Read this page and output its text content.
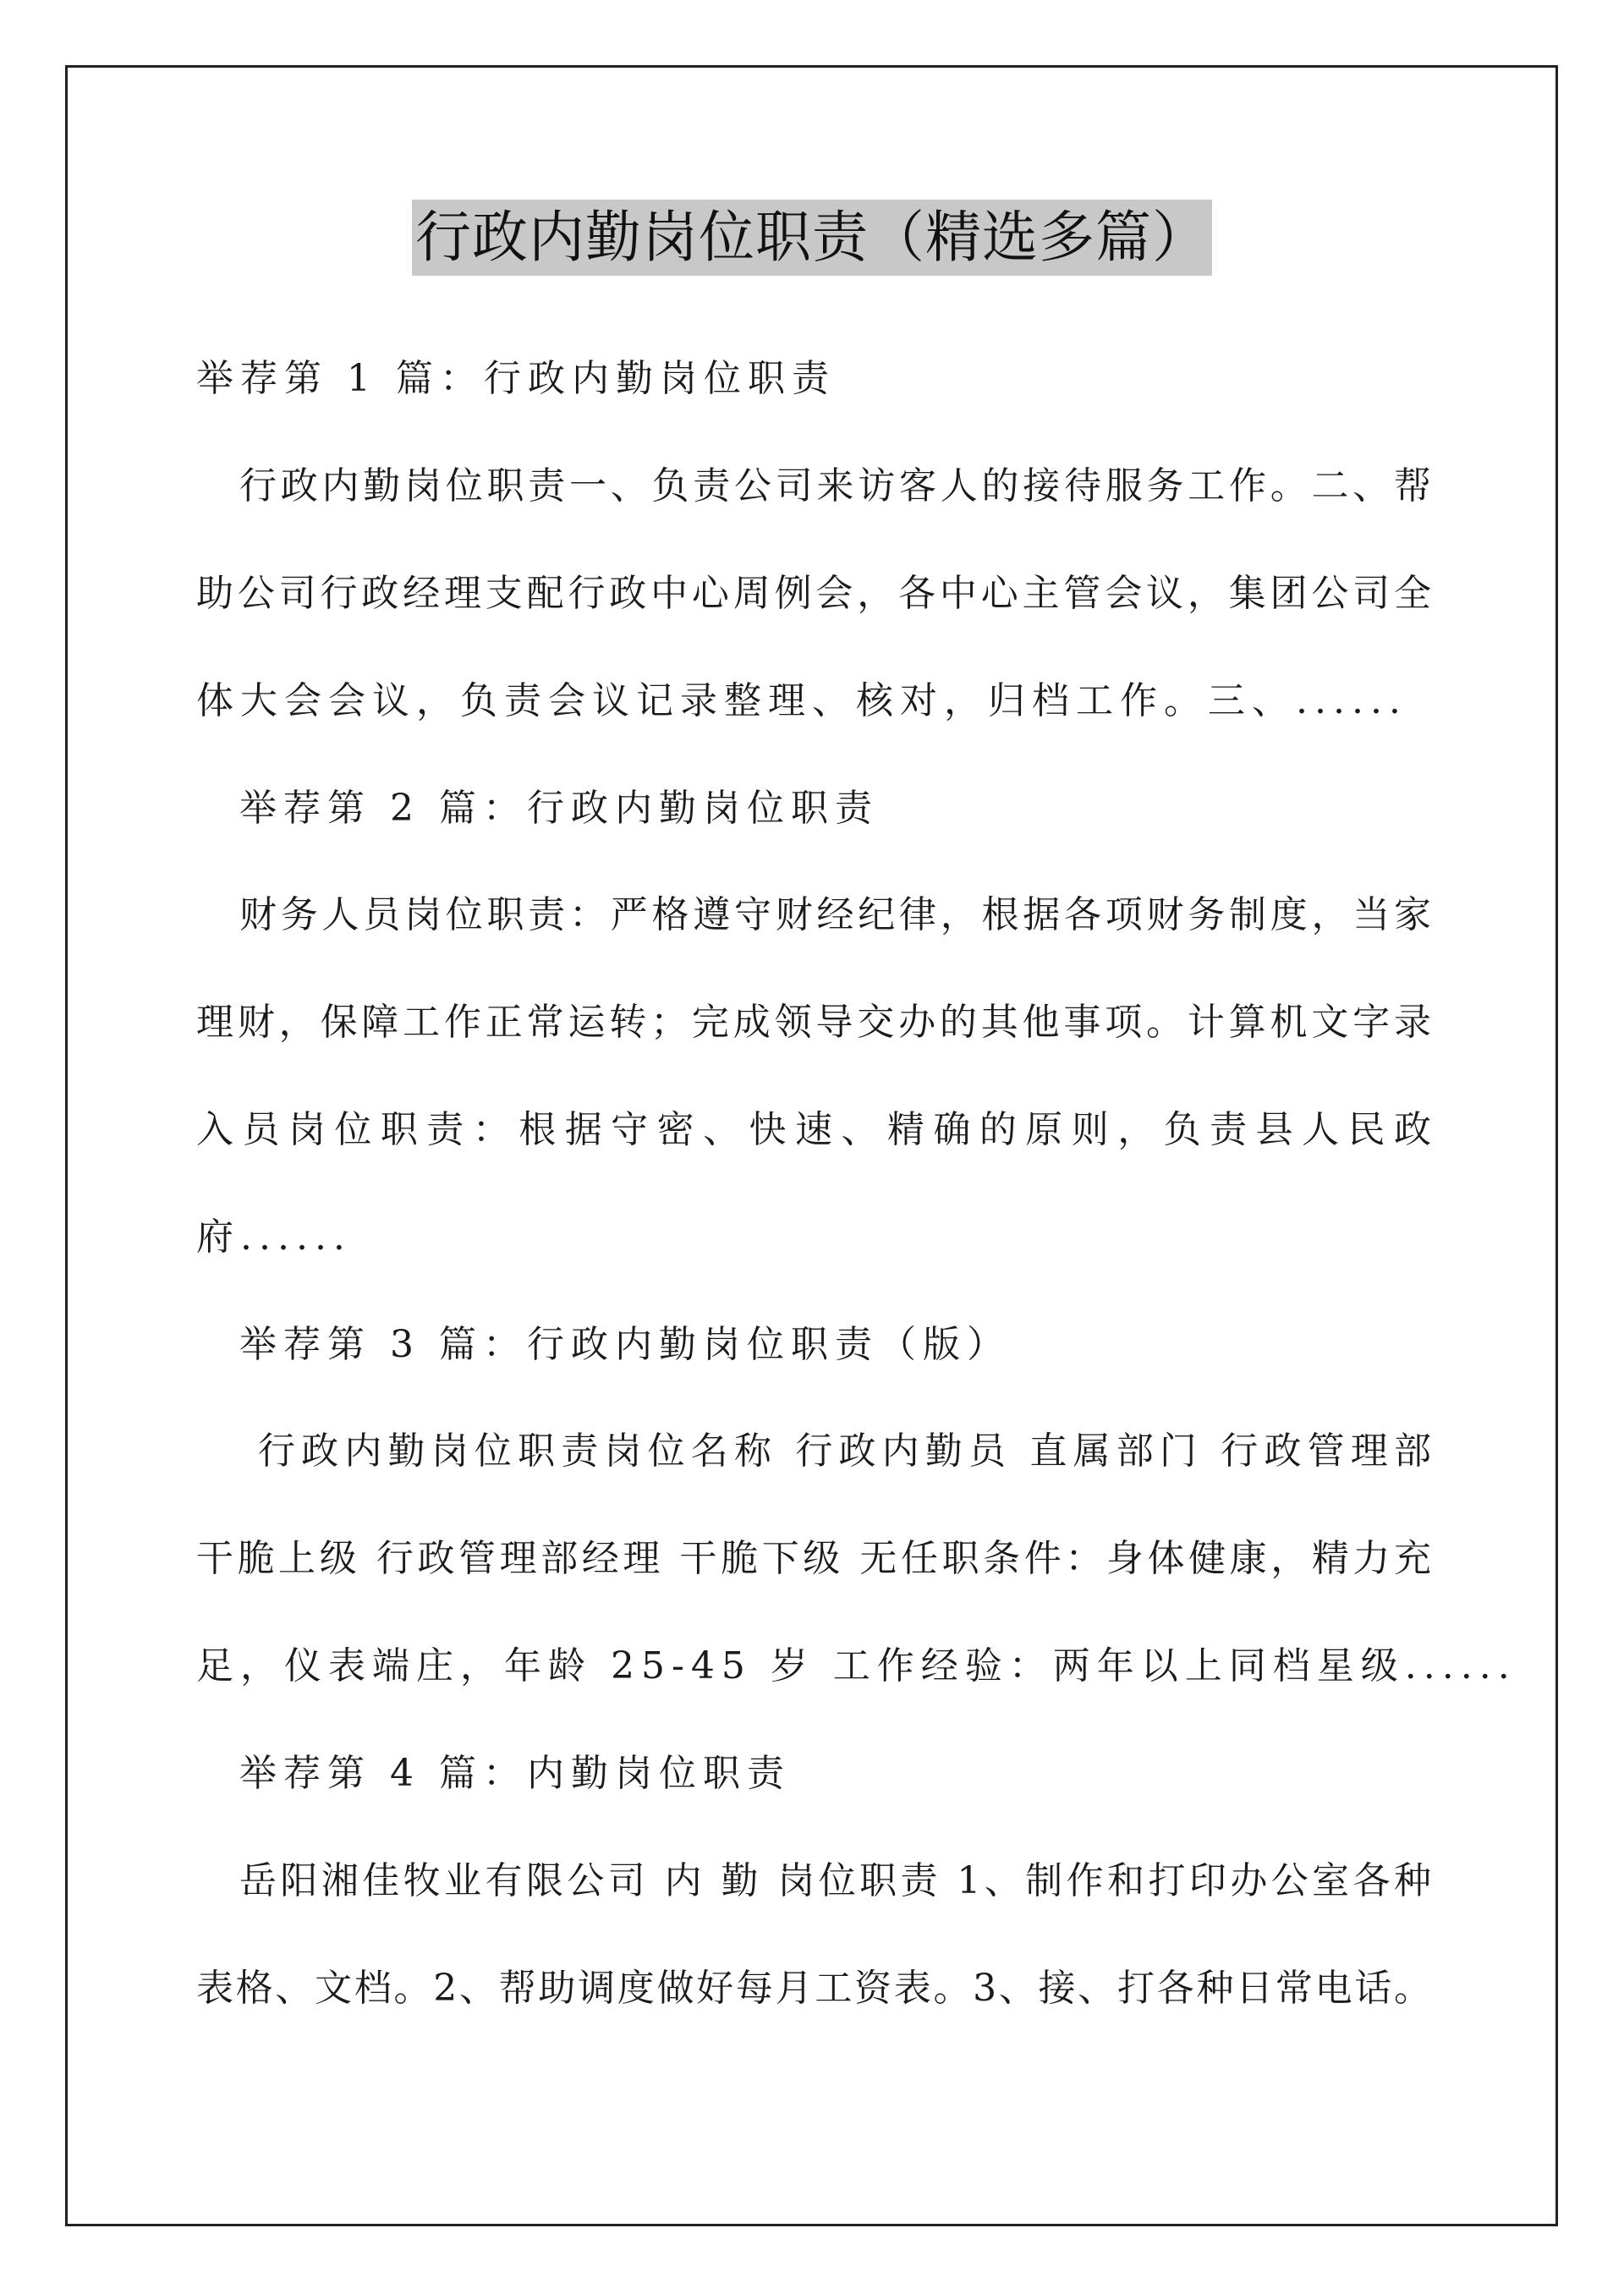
行政内勤岗位职责（精选多篇）
举荐第 1 篇：行政内勤岗位职责
行政内勤岗位职责一、负责公司来访客人的接待服务工作。二、帮
助公司行政经理支配行政中心周例会，各中心主管会议，集团公司全
体大会会议，负责会议记录整理、核对，归档工作。三、......
举荐第 2 篇：行政内勤岗位职责
财务人员岗位职责：严格遵守财经纪律，根据各项财务制度，当家
理财，保障工作正常运转；完成领导交办的其他事项。计算机文字录
入员岗位职责：根据守密、快速、精确的原则，负责县人民政
府......
举荐第 3 篇：行政内勤岗位职责（版）
行政内勤岗位职责岗位名称 行政内勤员 直属部门 行政管理部
干脆上级 行政管理部经理 干脆下级 无任职条件：身体健康，精力充
足，仪表端庄，年龄 25-45 岁 工作经验：两年以上同档星级......
举荐第 4 篇：内勤岗位职责
岳阳湘佳牧业有限公司 内 勤 岗位职责 1、制作和打印办公室各种
表格、文档。2、帮助调度做好每月工资表。3、接、打各种日常电话。
